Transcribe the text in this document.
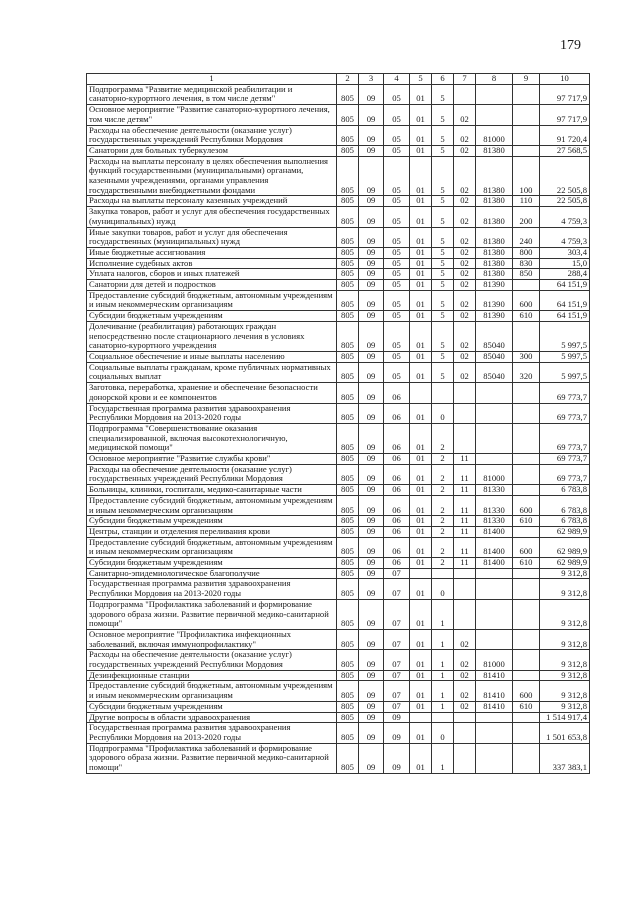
179
1	2	3	4	5	6	7	8	9	10
Подпрограмма "Развитие медицинской реабилитации и санаторно-курортного лечения, в том числе детям"	805	09	05	01	5				97 717,9
Основное мероприятие "Развитие санаторно-курортного лечения, том числе детям"	805	09	05	01	5	02			97 717,9
Расходы на обеспечение деятельности (оказание услуг) государственных учреждений Республики Мордовия	805	09	05	01	5	02	81000		91 720,4
Санатории для больных туберкулезом	805	09	05	01	5	02	81380		27 568,5
Расходы на выплаты персоналу в целях обеспечения выполнения функций государственными (муниципальными) органами, казенными учреждениями, органами управления государственными внебюджетными фондами	805	09	05	01	5	02	81380	100	22 505,8
Расходы на выплаты персоналу казенных учреждений	805	09	05	01	5	02	81380	110	22 505,8
Закупка товаров, работ и услуг для обеспечения государственных (муниципальных) нужд	805	09	05	01	5	02	81380	200	4 759,3
Иные закупки товаров, работ и услуг для обеспечения государственных (муниципальных) нужд	805	09	05	01	5	02	81380	240	4 759,3
Иные бюджетные ассигнования	805	09	05	01	5	02	81380	800	303,4
Исполнение судебных актов	805	09	05	01	5	02	81380	830	15,0
Уплата налогов, сборов и иных платежей	805	09	05	01	5	02	81380	850	288,4
Санатории для детей и подростков	805	09	05	01	5	02	81390		64 151,9
Предоставление субсидий бюджетным, автономным учреждениям и иным некоммерческим организациям	805	09	05	01	5	02	81390	600	64 151,9
Субсидии бюджетным учреждениям	805	09	05	01	5	02	81390	610	64 151,9
Долечивание (реабилитация) работающих граждан непосредственно после стационарного лечения в условиях санаторно-курортного учреждения	805	09	05	01	5	02	85040		5 997,5
Социальное обеспечение и иные выплаты населению	805	09	05	01	5	02	85040	300	5 997,5
Социальные выплаты гражданам, кроме публичных нормативных социальных выплат	805	09	05	01	5	02	85040	320	5 997,5
Заготовка, переработка, хранение и обеспечение безопасности донорской крови и ее компонентов	805	09	06						69 773,7
Государственная программа развития здравоохранения Республики Мордовия на 2013-2020 годы	805	09	06	01	0				69 773,7
Подпрограмма "Совершенствование оказания специализированной, включая высокотехнологичную, медицинской помощи"	805	09	06	01	2				69 773,7
Основное мероприятие "Развитие службы крови"	805	09	06	01	2	11			69 773,7
Расходы на обеспечение деятельности (оказание услуг) государственных учреждений Республики Мордовия	805	09	06	01	2	11	81000		69 773,7
Больницы, клиники, госпитали, медико-санитарные части	805	09	06	01	2	11	81330		6 783,8
Предоставление субсидий бюджетным, автономным учреждениям и иным некоммерческим организациям	805	09	06	01	2	11	81330	600	6 783,8
Субсидии бюджетным учреждениям	805	09	06	01	2	11	81330	610	6 783,8
Центры, станции и отделения переливания крови	805	09	06	01	2	11	81400		62 989,9
Предоставление субсидий бюджетным, автономным учреждениям и иным некоммерческим организациям	805	09	06	01	2	11	81400	600	62 989,9
Субсидии бюджетным учреждениям	805	09	06	01	2	11	81400	610	62 989,9
Санитарно-эпидемиологическое благополучие	805	09	07						9 312,8
Государственная программа развития здравоохранения Республики Мордовия на 2013-2020 годы	805	09	07	01	0				9 312,8
Подпрограмма "Профилактика заболеваний и формирование здорового образа жизни. Развитие первичной медико-санитарной помощи"	805	09	07	01	1				9 312,8
Основное мероприятие "Профилактика инфекционных заболеваний, включая иммунопрофилактику"	805	09	07	01	1	02			9 312,8
Расходы на обеспечение деятельности (оказание услуг) государственных учреждений Республики Мордовия	805	09	07	01	1	02	81000		9 312,8
Дезинфекционные станции	805	09	07	01	1	02	81410		9 312,8
Предоставление субсидий бюджетным, автономным учреждениям и иным некоммерческим организациям	805	09	07	01	1	02	81410	600	9 312,8
Субсидии бюджетным учреждениям	805	09	07	01	1	02	81410	610	9 312,8
Другие вопросы в области здравоохранения	805	09	09						1 514 917,4
Государственная программа развития здравоохранения Республики Мордовия на 2013-2020 годы	805	09	09	01	0				1 501 653,8
Подпрограмма "Профилактика заболеваний и формирование здорового образа жизни. Развитие первичной медико-санитарной помощи"	805	09	09	01	1				337 383,1
